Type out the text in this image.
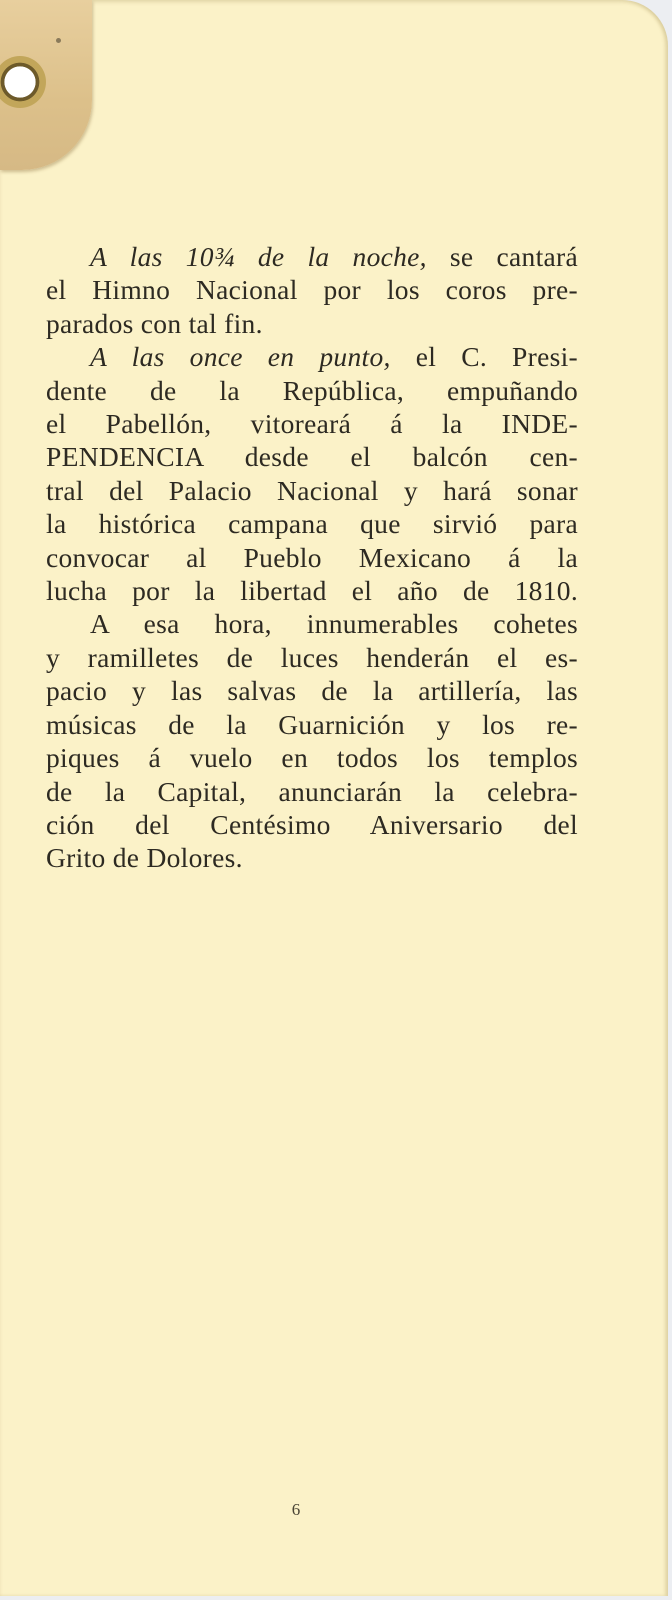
A las 10¾ de la noche, se cantará
el Himno Nacional por los coros pre-
parados con tal fin.
A las once en punto, el C. Presi-
dente de la República, empuñando
el Pabellón, vitoreará á la INDE-
PENDENCIA desde el balcón cen-
tral del Palacio Nacional y hará sonar
la histórica campana que sirvió para
convocar al Pueblo Mexicano á la
lucha por la libertad el año de 1810.
A esa hora, innumerables cohetes
y ramilletes de luces henderán el es-
pacio y las salvas de la artillería, las
músicas de la Guarnición y los re-
piques á vuelo en todos los templos
de la Capital, anunciarán la celebra-
ción del Centésimo Aniversario del
Grito de Dolores.
6
